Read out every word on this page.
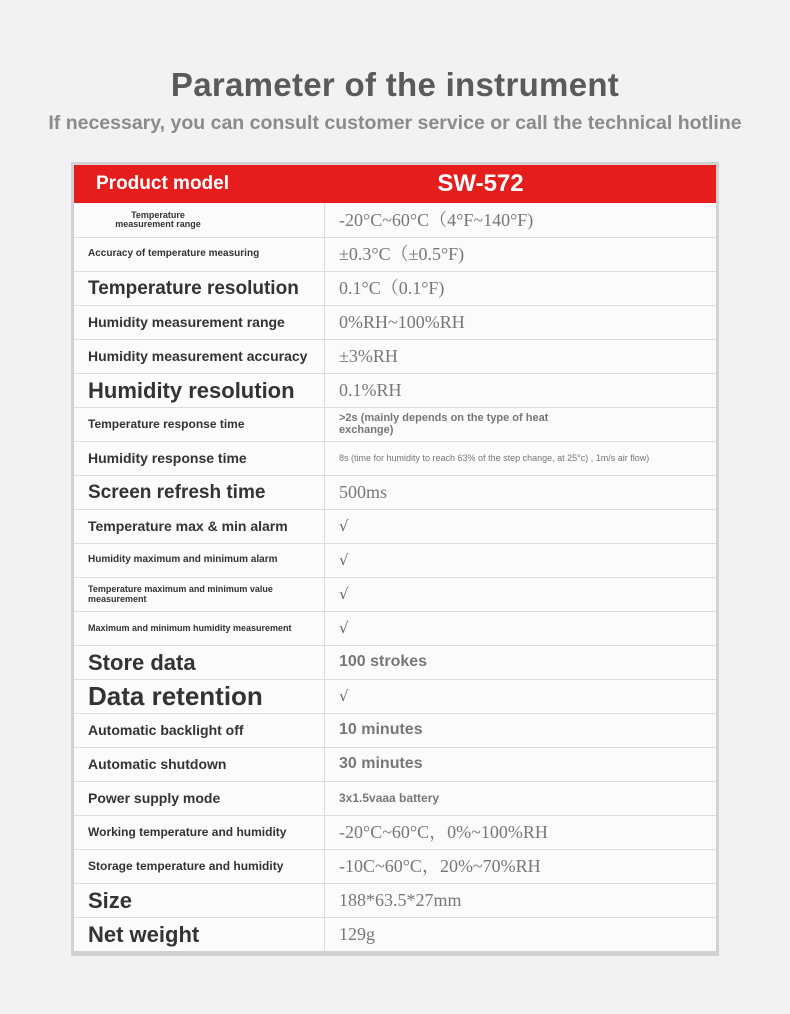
Parameter of the instrument
If necessary, you can consult customer service or call the technical hotline
Product model	SW-572
Temperature measurement range	-20°C~60°C（4°F~140°F)
Accuracy of temperature measuring	±0.3°C（±0.5°F)
Temperature resolution	0.1°C（0.1°F)
Humidity measurement range	0%RH~100%RH
Humidity measurement accuracy	±3%RH
Humidity resolution	0.1%RH
Temperature response time	>2s (mainly depends on the type of heat exchange)
Humidity response time	8s (time for humidity to reach 63% of the step change, at 25°c) , 1m/s air flow)
Screen refresh time	500ms
Temperature max & min alarm	√
Humidity maximum and minimum alarm	√
Temperature maximum and minimum value measurement	√
Maximum and minimum humidity measurement	√
Store data	100 strokes
Data retention	√
Automatic backlight off	10 minutes
Automatic shutdown	30 minutes
Power supply mode	3x1.5vaaa battery
Working temperature and humidity	-20°C~60°C，0%~100%RH
Storage temperature and humidity	-10C~60°C，20%~70%RH
Size	188*63.5*27mm
Net weight	129g
